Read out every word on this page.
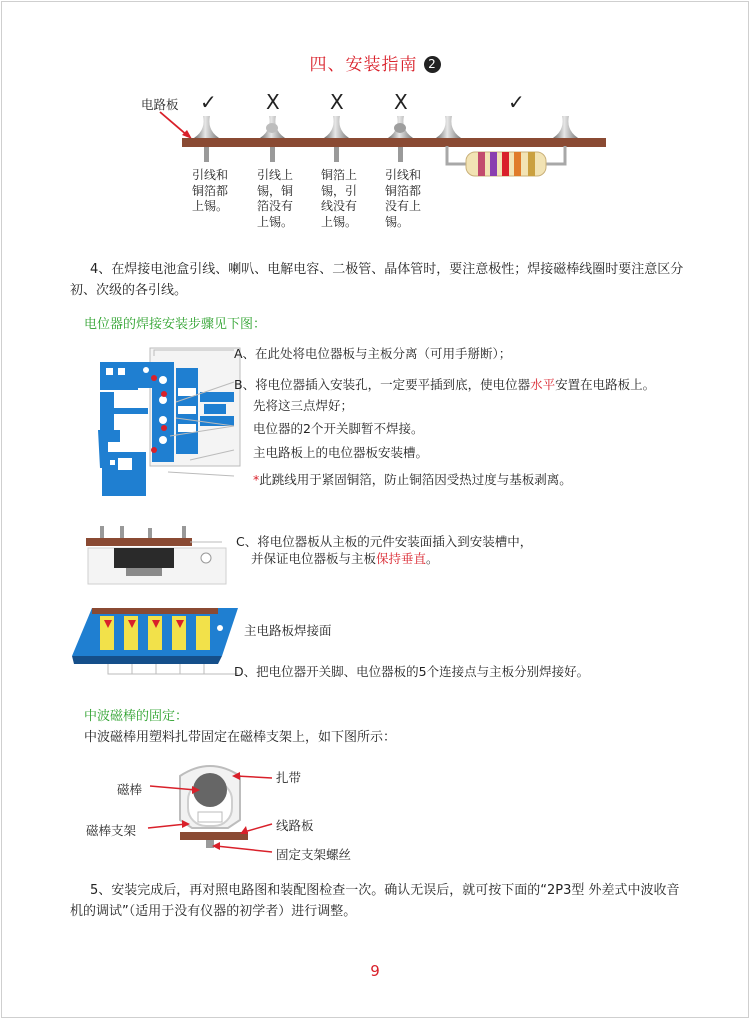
四、安装指南 2
电路板 ✓ X	X	X	✓
引线和
铜箔都
上锡。
引线上
锡，铜
箔没有
上锡。
铜箔上
锡，引
线没有
上锡。
引线和
铜箔都
没有上
锡。
4、在焊接电池盒引线、喇叭、电解电容、二极管、晶体管时，要注意极性；焊接磁棒线圈时要注意区分
初、次级的各引线。
电位器的焊接安装步骤见下图：
A、在此处将电位器板与主板分离（可用手掰断）；
B、将电位器插入安装孔，一定要平插到底，使电位器水平安置在电路板上。
先将这三点焊好；
电位器的2个开关脚暂不焊接。
主电路板上的电位器板安装槽。
*此跳线用于紧固铜箔，防止铜箔因受热过度与基板剥离。
C、将电位器板从主板的元件安装面插入到安装槽中，
并保证电位器板与主板保持垂直。
主电路板焊接面
D、把电位器开关脚、电位器板的5个连接点与主板分别焊接好。
中波磁棒的固定：
中波磁棒用塑料扎带固定在磁棒支架上，如下图所示：
磁棒
扎带
磁棒支架	线路板
固定支架螺丝
5、安装完成后，再对照电路图和装配图检查一次。确认无误后，就可按下面的“2P3型 外差式中波收音
机的调试”（适用于没有仪器的初学者）进行调整。
9
